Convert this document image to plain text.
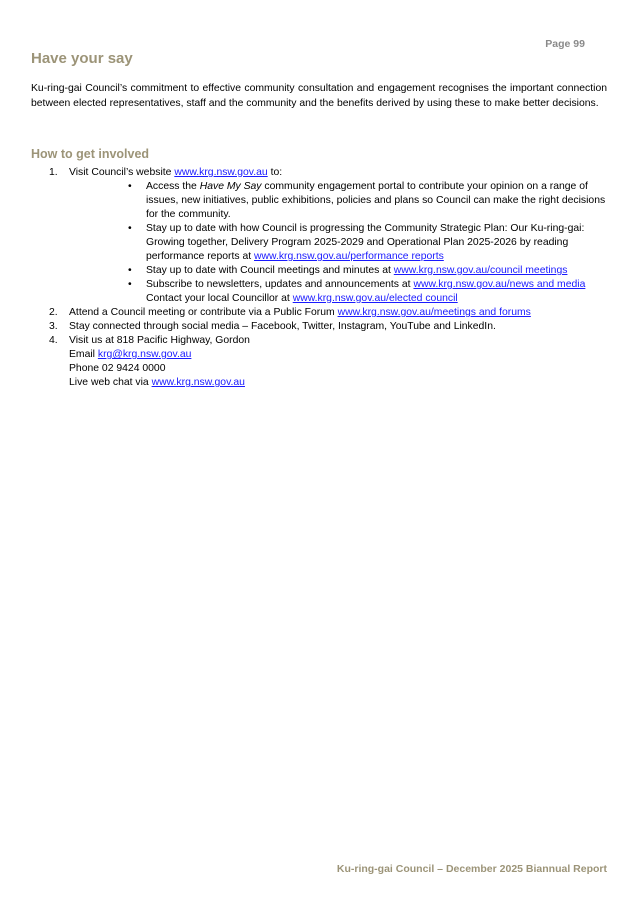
Page 99
Have your say

Ku-ring-gai Council’s commitment to effective community consultation and engagement recognises the important connection between elected representatives, staff and the community and the benefits derived by using these to make better decisions.

How to get involved
1.	Visit Council’s website www.krg.nsw.gov.au to:
• Access the Have My Say community engagement portal to contribute your opinion on a range of issues, new initiatives, public exhibitions, policies and plans so Council can make the right decisions for the community.
• Stay up to date with how Council is progressing the Community Strategic Plan: Our Ku-ring-gai: Growing together, Delivery Program 2025-2029 and Operational Plan 2025-2026 by reading performance reports at www.krg.nsw.gov.au/performance reports
• Stay up to date with Council meetings and minutes at www.krg.nsw.gov.au/council meetings
• Subscribe to newsletters, updates and announcements at www.krg.nsw.gov.au/news and media
Contact your local Councillor at www.krg.nsw.gov.au/elected council
2.	Attend a Council meeting or contribute via a Public Forum www.krg.nsw.gov.au/meetings and forums
3.	Stay connected through social media – Facebook, Twitter, Instagram, YouTube and LinkedIn.
4.	Visit us at 818 Pacific Highway, Gordon
Email krg@krg.nsw.gov.au
Phone 02 9424 0000
Live web chat via www.krg.nsw.gov.au
Ku-ring-gai Council – December 2025 Biannual Report
